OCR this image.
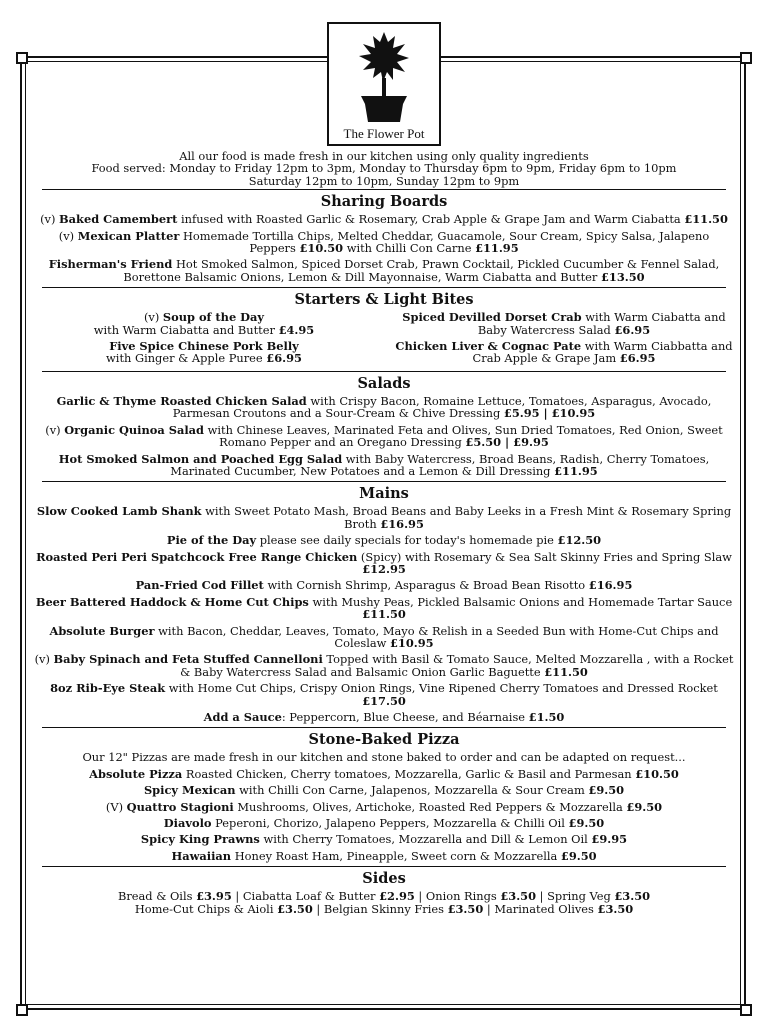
The Flower Pot

All our food is made fresh in our kitchen using only quality ingredients

Food served: Monday to Friday 12pm to 3pm, Monday to Thursday 6pm to 9pm, Friday 6pm to 10pm

Saturday 12pm to 10pm, Sunday 12pm to 9pm

Sharing Boards
(v) Baked Camembert infused with Roasted Garlic & Rosemary, Crab Apple & Grape Jam and Warm Ciabatta £11.50
(v) Mexican Platter Homemade Tortilla Chips, Melted Cheddar, Guacamole, Sour Cream, Spicy Salsa, Jalapeno Peppers £10.50 with Chilli Con Carne £11.95
Fisherman's Friend Hot Smoked Salmon, Spiced Dorset Crab, Prawn Cocktail, Pickled Cucumber & Fennel Salad, Borettone Balsamic Onions, Lemon & Dill Mayonnaise, Warm Ciabatta and Butter £13.50
Starters & Light Bites
(v) Soup of the Day
with Warm Ciabatta and Butter £4.95
Five Spice Chinese Pork Belly
with Ginger & Apple Puree £6.95
Spiced Devilled Dorset Crab with Warm Ciabatta and Baby Watercress Salad £6.95
Chicken Liver & Cognac Pate with Warm Ciabbatta and Crab Apple & Grape Jam £6.95
Salads
Garlic & Thyme Roasted Chicken Salad with Crispy Bacon, Romaine Lettuce, Tomatoes, Asparagus, Avocado, Parmesan Croutons and a Sour-Cream & Chive Dressing £5.95 | £10.95
(v) Organic Quinoa Salad with Chinese Leaves, Marinated Feta and Olives, Sun Dried Tomatoes, Red Onion, Sweet Romano Pepper and an Oregano Dressing £5.50 | £9.95
Hot Smoked Salmon and Poached Egg Salad with Baby Watercress, Broad Beans, Radish, Cherry Tomatoes, Marinated Cucumber, New Potatoes and a Lemon & Dill Dressing £11.95
Mains
Slow Cooked Lamb Shank with Sweet Potato Mash, Broad Beans and Baby Leeks in a Fresh Mint & Rosemary Spring Broth £16.95
Pie of the Day please see daily specials for today's homemade pie £12.50
Roasted Peri Peri Spatchcock Free Range Chicken (Spicy) with Rosemary & Sea Salt Skinny Fries and Spring Slaw £12.95
Pan-Fried Cod Fillet with Cornish Shrimp, Asparagus & Broad Bean Risotto £16.95
Beer Battered Haddock & Home Cut Chips with Mushy Peas, Pickled Balsamic Onions and Homemade Tartar Sauce £11.50
Absolute Burger with Bacon, Cheddar, Leaves, Tomato, Mayo & Relish in a Seeded Bun with Home-Cut Chips and Coleslaw £10.95
(v) Baby Spinach and Feta Stuffed Cannelloni Topped with Basil & Tomato Sauce, Melted Mozzarella , with a Rocket & Baby Watercress Salad and Balsamic Onion Garlic Baguette £11.50
8oz Rib-Eye Steak with Home Cut Chips, Crispy Onion Rings, Vine Ripened Cherry Tomatoes and Dressed Rocket £17.50
Add a Sauce: Peppercorn, Blue Cheese, and Béarnaise £1.50
Stone-Baked Pizza
Our 12" Pizzas are made fresh in our kitchen and stone baked to order and can be adapted on request...
Absolute Pizza Roasted Chicken, Cherry tomatoes, Mozzarella, Garlic & Basil and Parmesan £10.50
Spicy Mexican with Chilli Con Carne, Jalapenos, Mozzarella & Sour Cream £9.50
(V) Quattro Stagioni Mushrooms, Olives, Artichoke, Roasted Red Peppers & Mozzarella £9.50
Diavolo Peperoni, Chorizo, Jalapeno Peppers, Mozzarella & Chilli Oil £9.50
Spicy King Prawns with Cherry Tomatoes, Mozzarella and Dill & Lemon Oil £9.95
Hawaiian Honey Roast Ham, Pineapple, Sweet corn & Mozzarella £9.50
Sides

Bread & Oils £3.95 | Ciabatta Loaf & Butter £2.95 | Onion Rings £3.50 | Spring Veg £3.50

Home-Cut Chips & Aioli £3.50 | Belgian Skinny Fries £3.50 | Marinated Olives £3.50
